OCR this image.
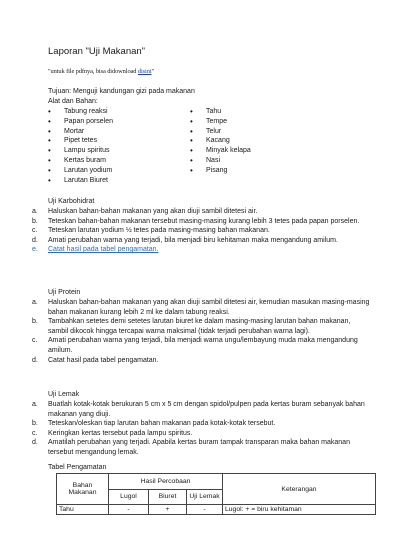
Laporan "Uji Makanan"
"untuk file pdfnya, bisa didownload disini"
Tujuan: Menguji kandungan gizi pada makanan
Alat dan Bahan:
• Tabung reaksi
• Papan porselen
• Mortar
• Pipet tetes
• Lampu spiritus
• Kertas buram
• Larutan yodium
• Larutan Biuret
• Tahu
• Tempe
• Telur
• Kacang
• Minyak kelapa
• Nasi
• Pisang
Uji Karbohidrat
a. Haluskan bahan-bahan makanan yang akan diuji sambil ditetesi air.
b. Teteskan bahan-bahan makanan tersebut masing-masing kurang lebih 3 tetes pada papan porselen.
c. Teteskan larutan yodium ½ tetes pada masing-masing bahan makanan.
d. Amati perubahan warna yang terjadi, bila menjadi biru kehitaman maka mengandung amilum.
e. Catat hasil pada tabel pengamatan.
Uji Protein
a. Haluskan bahan-bahan makanan yang akan diuji sambil ditetesi air, kemudian masukan masing-masing bahan makanan kurang lebih 2 ml ke dalam tabung reaksi.
b. Tambahkan setetes demi setetes larutan biuret ke dalam masing-masing larutan bahan makanan, sambil dikocok hingga tercapai warna maksimal (tidak terjadi perubahan warna lagi).
c. Amati perubahan warna yang terjadi, bila menjadi warna ungu/lembayung muda maka mengandung amilum.
d. Catat hasil pada tabel pengamatan.
Uji Lemak
a. Buatlah kotak-kotak berukuran 5 cm x 5 cm dengan spidol/pulpen pada kertas buram sebanyak bahan makanan yang diuji.
b. Teteskan/oleskan tiap larutan bahan makanan pada kotak-kotak tersebut.
c. Keringkan kertas tersebut pada lampu spiritus.
d. Amatilah perubahan yang terjadi. Apabila kertas buram tampak transparan maka bahan makanan tersebut mengandung lemak.
Tabel Pengamatan
Bahan Makanan	Hasil Percobaan			Keterangan
	Lugol	Biuret	Uji Lemak	
Tahu	-	+	-	Lugol: + = biru kehitaman
